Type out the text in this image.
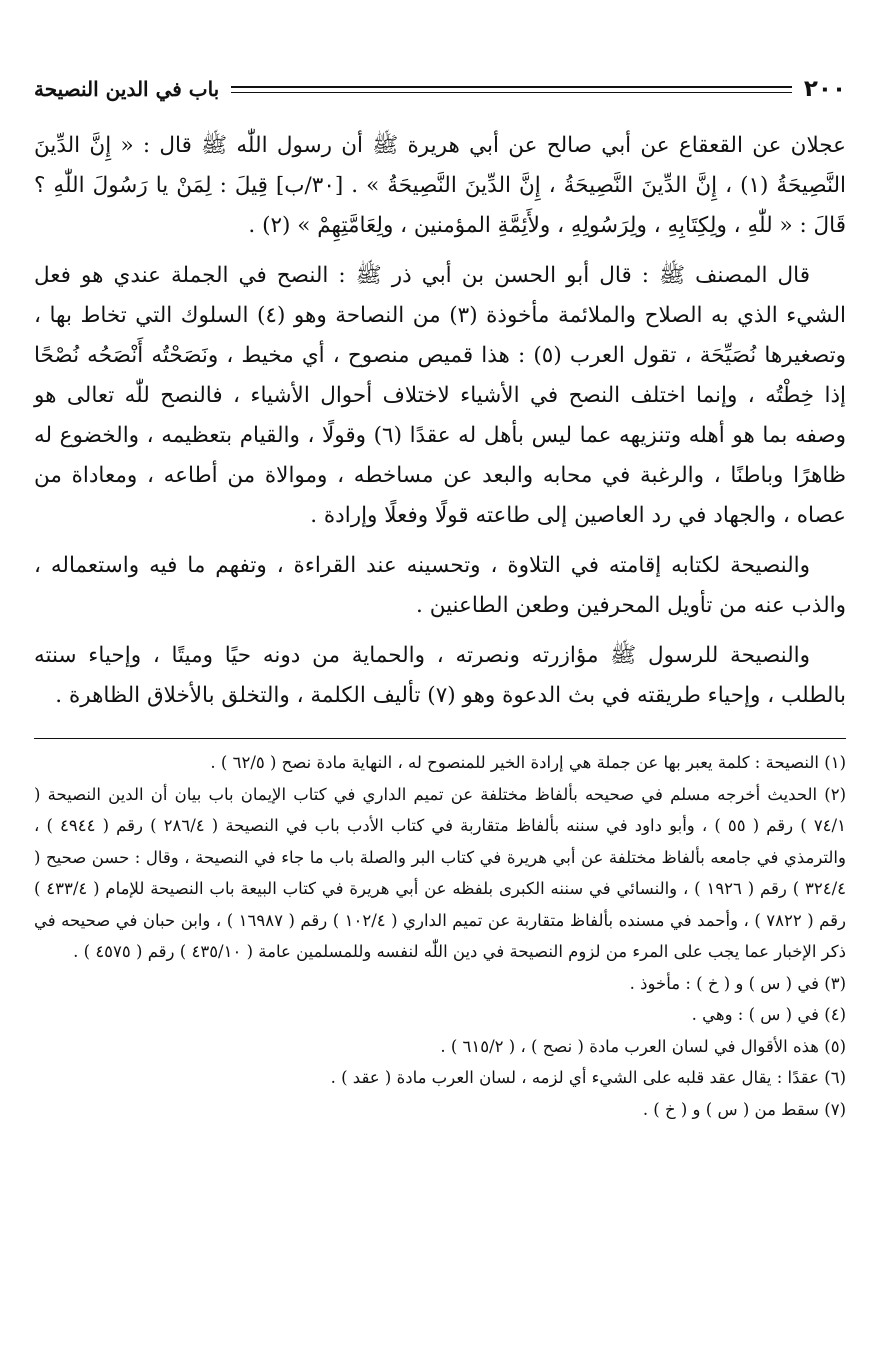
٢٠٠
باب في الدين النصيحة

عجلان عن القعقاع عن أبي صالح عن أبي هريرة ﷺ أن رسول اللّٰه ﷺ قال : « إِنَّ الدِّينَ النَّصِيحَةُ (١) ، إِنَّ الدِّينَ النَّصِيحَةُ ، إِنَّ الدِّينَ النَّصِيحَةُ » . [٣٠/ب] قِيلَ : لِمَنْ يا رَسُولَ اللّٰهِ ؟ قَالَ : « للّٰهِ ، ولِكِتَابِهِ ، ولِرَسُولِهِ ، ولأَئِمَّةِ المؤمنين ، ولِعَامَّتِهِمْ » (٢) .

قال المصنف ﷺ : قال أبو الحسن بن أبي ذر ﷺ : النصح في الجملة عندي هو فعل الشيء الذي به الصلاح والملائمة مأخوذة (٣) من النصاحة وهو (٤) السلوك التي تخاط بها ، وتصغيرها نُصَيِّحَة ، تقول العرب (٥) : هذا قميص منصوح ، أي مخيط ، ونَصَحْتُه أَنْصَحُه نُصْحًا إذا خِطْتُه ، وإنما اختلف النصح في الأشياء لاختلاف أحوال الأشياء ، فالنصح للّٰه تعالى هو وصفه بما هو أهله وتنزيهه عما ليس بأهل له عقدًا (٦) وقولًا ، والقيام بتعظيمه ، والخضوع له ظاهرًا وباطنًا ، والرغبة في محابه والبعد عن مساخطه ، وموالاة من أطاعه ، ومعاداة من عصاه ، والجهاد في رد العاصين إلى طاعته قولًا وفعلًا وإرادة .

والنصيحة لكتابه إقامته في التلاوة ، وتحسينه عند القراءة ، وتفهم ما فيه واستعماله ، والذب عنه من تأويل المحرفين وطعن الطاعنين .

والنصيحة للرسول ﷺ مؤازرته ونصرته ، والحماية من دونه حيًا وميتًا ، وإحياء سنته بالطلب ، وإحياء طريقته في بث الدعوة وهو (٧) تأليف الكلمة ، والتخلق بالأخلاق الظاهرة .

(١) النصيحة : كلمة يعبر بها عن جملة هي إرادة الخير للمنصوح له ، النهاية مادة نصح ( ٦٢/٥ ) .

(٢) الحديث أخرجه مسلم في صحيحه بألفاظ مختلفة عن تميم الداري في كتاب الإيمان باب بيان أن الدين النصيحة ( ٧٤/١ ) رقم ( ٥٥ ) ، وأبو داود في سننه بألفاظ متقاربة في كتاب الأدب باب في النصيحة ( ٢٨٦/٤ ) رقم ( ٤٩٤٤ ) ، والترمذي في جامعه بألفاظ مختلفة عن أبي هريرة في كتاب البر والصلة باب ما جاء في النصيحة ، وقال : حسن صحيح ( ٣٢٤/٤ ) رقم ( ١٩٢٦ ) ، والنسائي في سننه الكبرى بلفظه عن أبي هريرة في كتاب البيعة باب النصيحة للإمام ( ٤٣٣/٤ ) رقم ( ٧٨٢٢ ) ، وأحمد في مسنده بألفاظ متقاربة عن تميم الداري ( ١٠٢/٤ ) رقم ( ١٦٩٨٧ ) ، وابن حبان في صحيحه في ذكر الإخبار عما يجب على المرء من لزوم النصيحة في دين اللّٰه لنفسه وللمسلمين عامة ( ٤٣٥/١٠ ) رقم ( ٤٥٧٥ ) .

(٣) في ( س ) و ( خ ) : مأخوذ .

(٤) في ( س ) : وهي .

(٥) هذه الأقوال في لسان العرب مادة ( نصح ) ، ( ٦١٥/٢ ) .

(٦) عقدًا : يقال عقد قلبه على الشيء أي لزمه ، لسان العرب مادة ( عقد ) .

(٧) سقط من ( س ) و ( خ ) .
